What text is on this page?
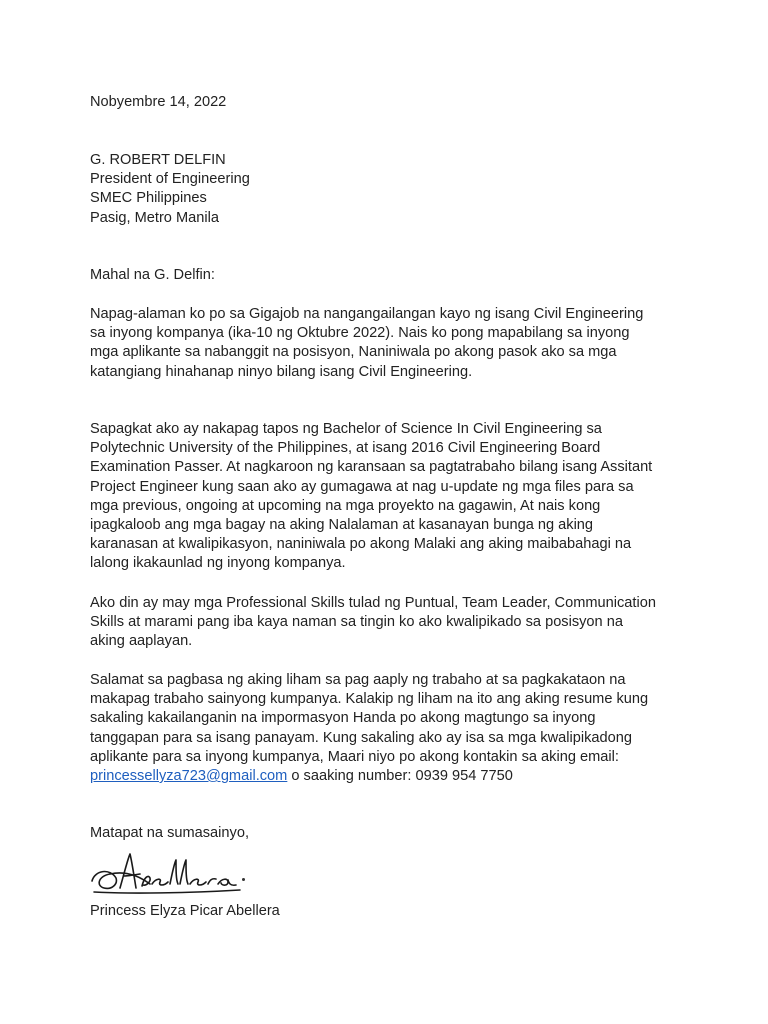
Nobyembre 14, 2022
G. ROBERT DELFIN
President of Engineering
SMEC Philippines
Pasig, Metro Manila
Mahal na G. Delfin:
Napag-alaman ko po sa Gigajob na nangangailangan kayo ng isang Civil Engineering
sa inyong kompanya (ika-10 ng Oktubre 2022). Nais ko pong mapabilang sa inyong
mga aplikante sa nabanggit na posisyon, Naniniwala po akong pasok ako sa mga
katangiang hinahanap ninyo bilang isang Civil Engineering.
Sapagkat ako ay nakapag tapos ng Bachelor of Science In Civil Engineering sa
Polytechnic University of the Philippines, at isang 2016 Civil Engineering Board
Examination Passer. At nagkaroon ng karansaan sa pagtatrabaho bilang isang Assitant
Project Engineer kung saan ako ay gumagawa at nag u-update ng mga files para sa
mga previous, ongoing at upcoming na mga proyekto na gagawin, At nais kong
ipagkaloob ang mga bagay na aking Nalalaman at kasanayan bunga ng aking
karanasan at kwalipikasyon, naniniwala po akong Malaki ang aking maibabahagi na
lalong ikakaunlad ng inyong kompanya.
Ako din ay may mga Professional Skills tulad ng Puntual, Team Leader, Communication
Skills at marami pang iba kaya naman sa tingin ko ako kwalipikado sa posisyon na
aking aaplayan.
Salamat sa pagbasa ng aking liham sa pag aaply ng trabaho at sa pagkakataon na
makapag trabaho sainyong kumpanya. Kalakip ng liham na ito ang aking resume kung
sakaling kakailanganin na impormasyon Handa po akong magtungo sa inyong
tanggapan para sa isang panayam. Kung sakaling ako ay isa sa mga kwalipikadong
aplikante para sa inyong kumpanya, Maari niyo po akong kontakin sa aking email:
princessellyza723@gmail.com o saaking number: 0939 954 7750
Matapat na sumasainyo,
Princess Elyza Picar Abellera
